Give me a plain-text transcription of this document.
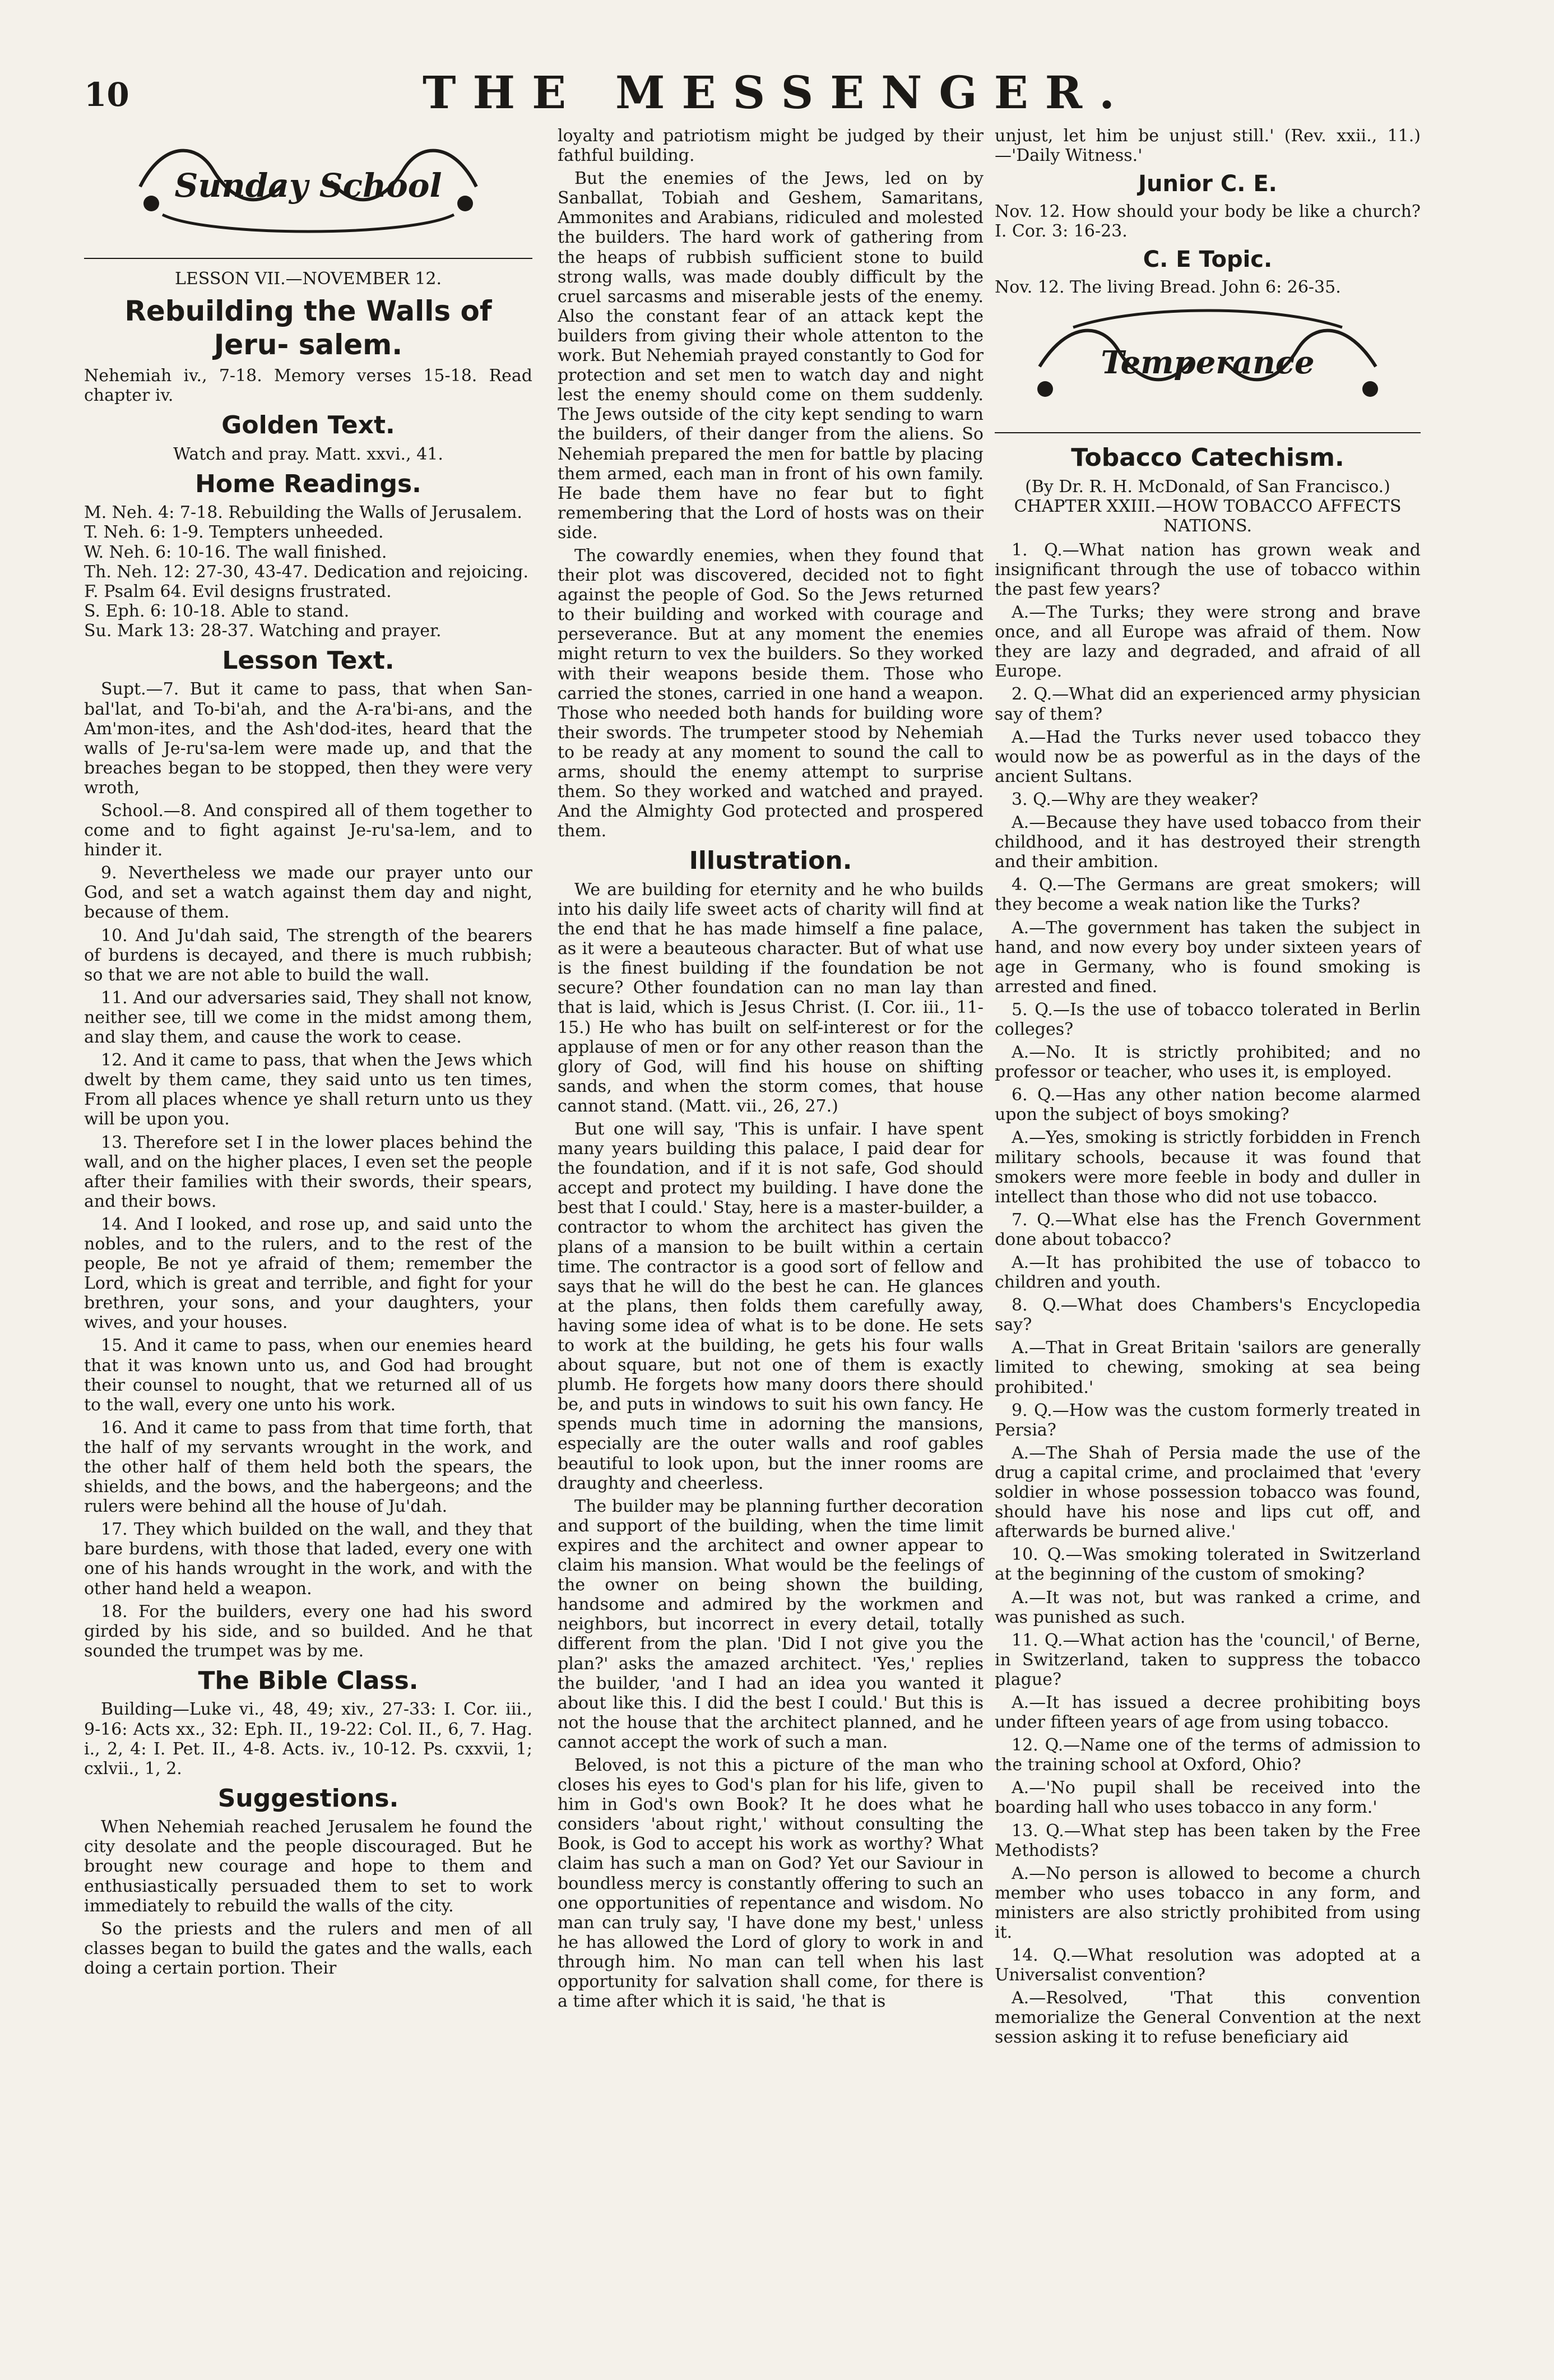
10	THE MESSENGER.
Sunday School
LESSON VII.—NOVEMBER 12.
Rebuilding the Walls of Jeru- salem.

Nehemiah iv., 7-18. Memory verses 15-18. Read chapter iv.

Golden Text.
Watch and pray. Matt. xxvi., 41.
Home Readings.

M. Neh. 4: 7-18. Rebuilding the Walls of Jerusalem.

T. Neh. 6: 1-9. Tempters unheeded.

W. Neh. 6: 10-16. The wall finished.

Th. Neh. 12: 27-30, 43-47. Dedication and rejoicing.

F. Psalm 64. Evil designs frustrated.

S. Eph. 6: 10-18. Able to stand.

Su. Mark 13: 28-37. Watching and prayer.

Lesson Text.

Supt.—7. But it came to pass, that when San-bal'lat, and To-bi'ah, and the A-ra'bi-ans, and the Am'mon-ites, and the Ash'dod-ites, heard that the walls of Je-ru'sa-lem were made up, and that the breaches began to be stopped, then they were very wroth,

School.—8. And conspired all of them together to come and to fight against Je-ru'sa-lem, and to hinder it.

9. Nevertheless we made our prayer unto our God, and set a watch against them day and night, because of them.

10. And Ju'dah said, The strength of the bearers of burdens is decayed, and there is much rubbish; so that we are not able to build the wall.

11. And our adversaries said, They shall not know, neither see, till we come in the midst among them, and slay them, and cause the work to cease.

12. And it came to pass, that when the Jews which dwelt by them came, they said unto us ten times, From all places whence ye shall return unto us they will be upon you.

13. Therefore set I in the lower places behind the wall, and on the higher places, I even set the people after their families with their swords, their spears, and their bows.

14. And I looked, and rose up, and said unto the nobles, and to the rulers, and to the rest of the people, Be not ye afraid of them; remember the Lord, which is great and terrible, and fight for your brethren, your sons, and your daughters, your wives, and your houses.

15. And it came to pass, when our enemies heard that it was known unto us, and God had brought their counsel to nought, that we returned all of us to the wall, every one unto his work.

16. And it came to pass from that time forth, that the half of my servants wrought in the work, and the other half of them held both the spears, the shields, and the bows, and the habergeons; and the rulers were behind all the house of Ju'dah.

17. They which builded on the wall, and they that bare burdens, with those that laded, every one with one of his hands wrought in the work, and with the other hand held a weapon.

18. For the builders, every one had his sword girded by his side, and so builded. And he that sounded the trumpet was by me.

The Bible Class.

Building—Luke vi., 48, 49; xiv., 27-33: I. Cor. iii., 9-16: Acts xx., 32: Eph. II., 19-22: Col. II., 6, 7. Hag. i., 2, 4: I. Pet. II., 4-8. Acts. iv., 10-12. Ps. cxxvii, 1; cxlvii., 1, 2.

Suggestions.

When Nehemiah reached Jerusalem he found the city desolate and the people discouraged. But he brought new courage and hope to them and enthusiastically persuaded them to set to work immediately to rebuild the walls of the city.

So the priests and the rulers and men of all classes began to build the gates and the walls, each doing a certain portion. Their

loyalty and patriotism might be judged by their fathful building.

But the enemies of the Jews, led on by Sanballat, Tobiah and Geshem, Samaritans, Ammonites and Arabians, ridiculed and molested the builders. The hard work of gathering from the heaps of rubbish sufficient stone to build strong walls, was made doubly difficult by the cruel sarcasms and miserable jests of the enemy. Also the constant fear of an attack kept the builders from giving their whole attenton to the work. But Nehemiah prayed constantly to God for protection and set men to watch day and night lest the enemy should come on them suddenly. The Jews outside of the city kept sending to warn the builders, of their danger from the aliens. So Nehemiah prepared the men for battle by placing them armed, each man in front of his own family. He bade them have no fear but to fight remembering that the Lord of hosts was on their side.

The cowardly enemies, when they found that their plot was discovered, decided not to fight against the people of God. So the Jews returned to their building and worked with courage and perseverance. But at any moment the enemies might return to vex the builders. So they worked with their weapons beside them. Those who carried the stones, carried in one hand a weapon. Those who needed both hands for building wore their swords. The trumpeter stood by Nehemiah to be ready at any moment to sound the call to arms, should the enemy attempt to surprise them. So they worked and watched and prayed. And the Almighty God protected and prospered them.

Illustration.

We are building for eternity and he who builds into his daily life sweet acts of charity will find at the end that he has made himself a fine palace, as it were a beauteous character. But of what use is the finest building if the foundation be not secure? Other foundation can no man lay than that is laid, which is Jesus Christ. (I. Cor. iii., 11-15.) He who has built on self-interest or for the applause of men or for any other reason than the glory of God, will find his house on shifting sands, and when the storm comes, that house cannot stand. (Matt. vii., 26, 27.)

But one will say, 'This is unfair. I have spent many years building this palace, I paid dear for the foundation, and if it is not safe, God should accept and protect my building. I have done the best that I could.' Stay, here is a master-builder, a contractor to whom the architect has given the plans of a mansion to be built within a certain time. The contractor is a good sort of fellow and says that he will do the best he can. He glances at the plans, then folds them carefully away, having some idea of what is to be done. He sets to work at the building, he gets his four walls about square, but not one of them is exactly plumb. He forgets how many doors there should be, and puts in windows to suit his own fancy. He spends much time in adorning the mansions, especially are the outer walls and roof gables beautiful to look upon, but the inner rooms are draughty and cheerless.

The builder may be planning further decoration and support of the building, when the time limit expires and the architect and owner appear to claim his mansion. What would be the feelings of the owner on being shown the building, handsome and admired by the workmen and neighbors, but incorrect in every detail, totally different from the plan. 'Did I not give you the plan?' asks the amazed architect. 'Yes,' replies the builder, 'and I had an idea you wanted it about like this. I did the best I could.' But this is not the house that the architect planned, and he cannot accept the work of such a man.

Beloved, is not this a picture of the man who closes his eyes to God's plan for his life, given to him in God's own Book? It he does what he considers 'about right,' without consulting the Book, is God to accept his work as worthy? What claim has such a man on God? Yet our Saviour in boundless mercy is constantly offering to such an one opportunities of repentance and wisdom. No man can truly say, 'I have done my best,' unless he has allowed the Lord of glory to work in and through him. No man can tell when his last opportunity for salvation shall come, for there is a time after which it is said, 'he that is

unjust, let him be unjust still.' (Rev. xxii., 11.)—'Daily Witness.'

Junior C. E.

Nov. 12. How should your body be like a church? I. Cor. 3: 16-23.

C. E Topic.

Nov. 12. The living Bread. John 6: 26-35.

Temperance
Tobacco Catechism.
(By Dr. R. H. McDonald, of San Francisco.)
CHAPTER XXIII.—HOW TOBACCO AFFECTS NATIONS.

1. Q.—What nation has grown weak and insignificant through the use of tobacco within the past few years?

A.—The Turks; they were strong and brave once, and all Europe was afraid of them. Now they are lazy and degraded, and afraid of all Europe.

2. Q.—What did an experienced army physician say of them?

A.—Had the Turks never used tobacco they would now be as powerful as in the days of the ancient Sultans.

3. Q.—Why are they weaker?

A.—Because they have used tobacco from their childhood, and it has destroyed their strength and their ambition.

4. Q.—The Germans are great smokers; will they become a weak nation like the Turks?

A.—The government has taken the subject in hand, and now every boy under sixteen years of age in Germany, who is found smoking is arrested and fined.

5. Q.—Is the use of tobacco tolerated in Berlin colleges?

A.—No. It is strictly prohibited; and no professor or teacher, who uses it, is employed.

6. Q.—Has any other nation become alarmed upon the subject of boys smoking?

A.—Yes, smoking is strictly forbidden in French military schools, because it was found that smokers were more feeble in body and duller in intellect than those who did not use tobacco.

7. Q.—What else has the French Government done about tobacco?

A.—It has prohibited the use of tobacco to children and youth.

8. Q.—What does Chambers's Encyclopedia say?

A.—That in Great Britain 'sailors are generally limited to chewing, smoking at sea being prohibited.'

9. Q.—How was the custom formerly treated in Persia?

A.—The Shah of Persia made the use of the drug a capital crime, and proclaimed that 'every soldier in whose possession tobacco was found, should have his nose and lips cut off, and afterwards be burned alive.'

10. Q.—Was smoking tolerated in Switzerland at the beginning of the custom of smoking?

A.—It was not, but was ranked a crime, and was punished as such.

11. Q.—What action has the 'council,' of Berne, in Switzerland, taken to suppress the tobacco plague?

A.—It has issued a decree prohibiting boys under fifteen years of age from using tobacco.

12. Q.—Name one of the terms of admission to the training school at Oxford, Ohio?

A.—'No pupil shall be received into the boarding hall who uses tobacco in any form.'

13. Q.—What step has been taken by the Free Methodists?

A.—No person is allowed to become a church member who uses tobacco in any form, and ministers are also strictly prohibited from using it.

14. Q.—What resolution was adopted at a Universalist convention?

A.—Resolved, 'That this convention memorialize the General Convention at the next session asking it to refuse beneficiary aid
